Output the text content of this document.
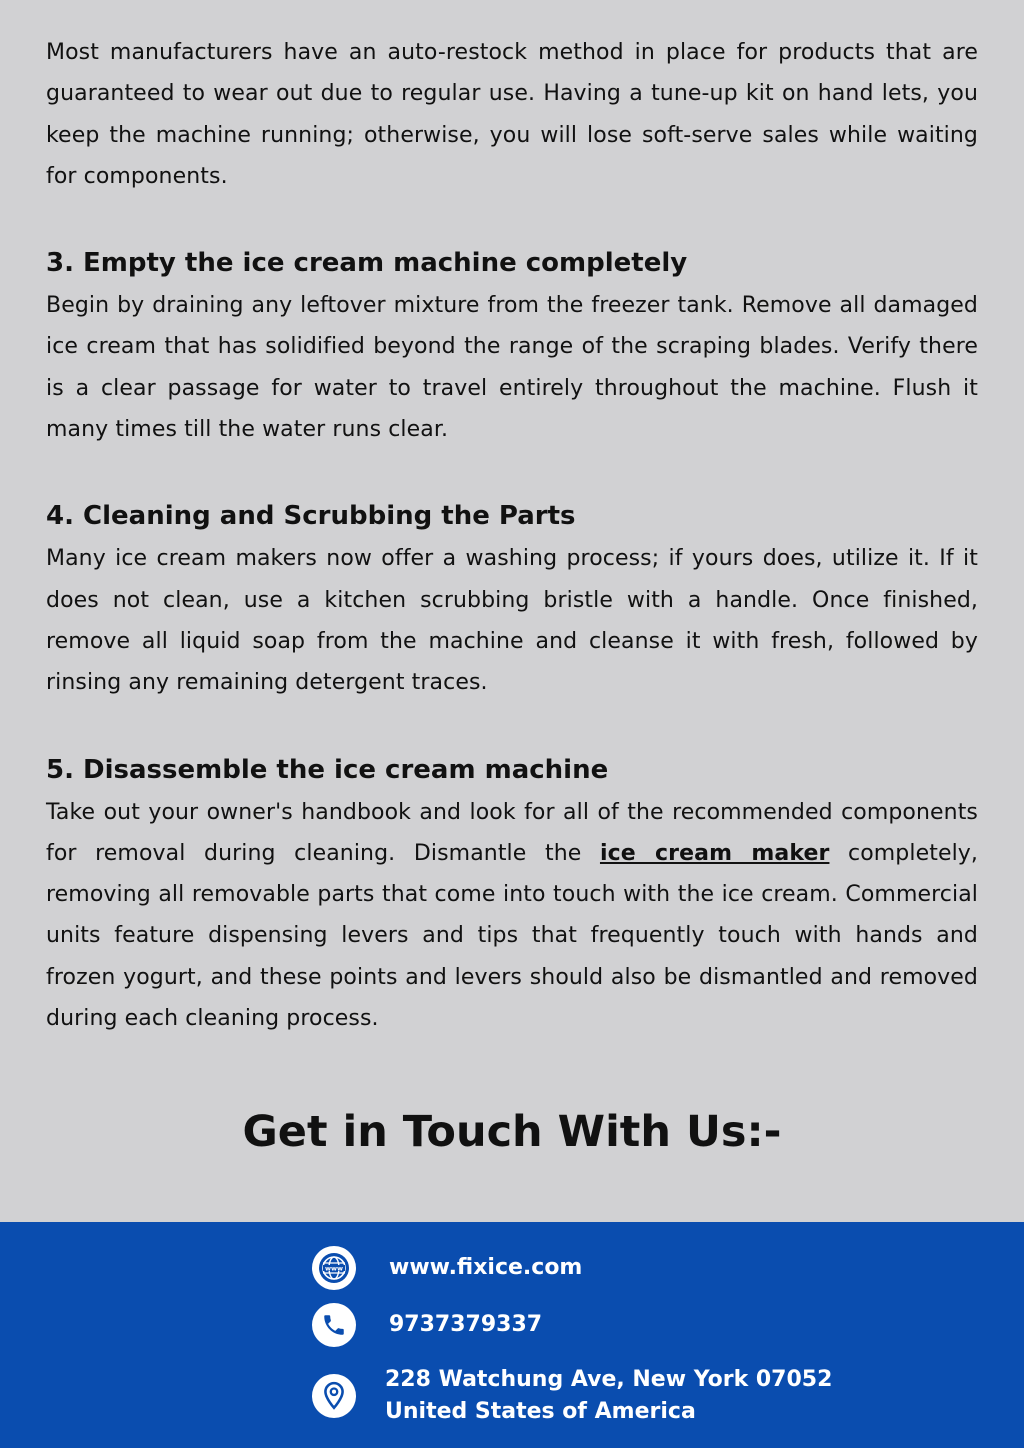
Most manufacturers have an auto-restock method in place for products that are guaranteed to wear out due to regular use. Having a tune-up kit on hand lets, you keep the machine running; otherwise, you will lose soft-serve sales while waiting for components.

3. Empty the ice cream machine completely

Begin by draining any leftover mixture from the freezer tank. Remove all damaged ice cream that has solidified beyond the range of the scraping blades. Verify there is a clear passage for water to travel entirely throughout the machine. Flush it many times till the water runs clear.

4. Cleaning and Scrubbing the Parts

Many ice cream makers now offer a washing process; if yours does, utilize it. If it does not clean, use a kitchen scrubbing bristle with a handle. Once finished, remove all liquid soap from the machine and cleanse it with fresh, followed by rinsing any remaining detergent traces.

5. Disassemble the ice cream machine

Take out your owner's handbook and look for all of the recommended components for removal during cleaning. Dismantle the ice cream maker completely, removing all removable parts that come into touch with the ice cream. Commercial units feature dispensing levers and tips that frequently touch with hands and frozen yogurt, and these points and levers should also be dismantled and removed during each cleaning process.

Get in Touch With Us:-
www www.fixice.com
9737379337
228 Watchung Ave, New York 07052
United States of America
